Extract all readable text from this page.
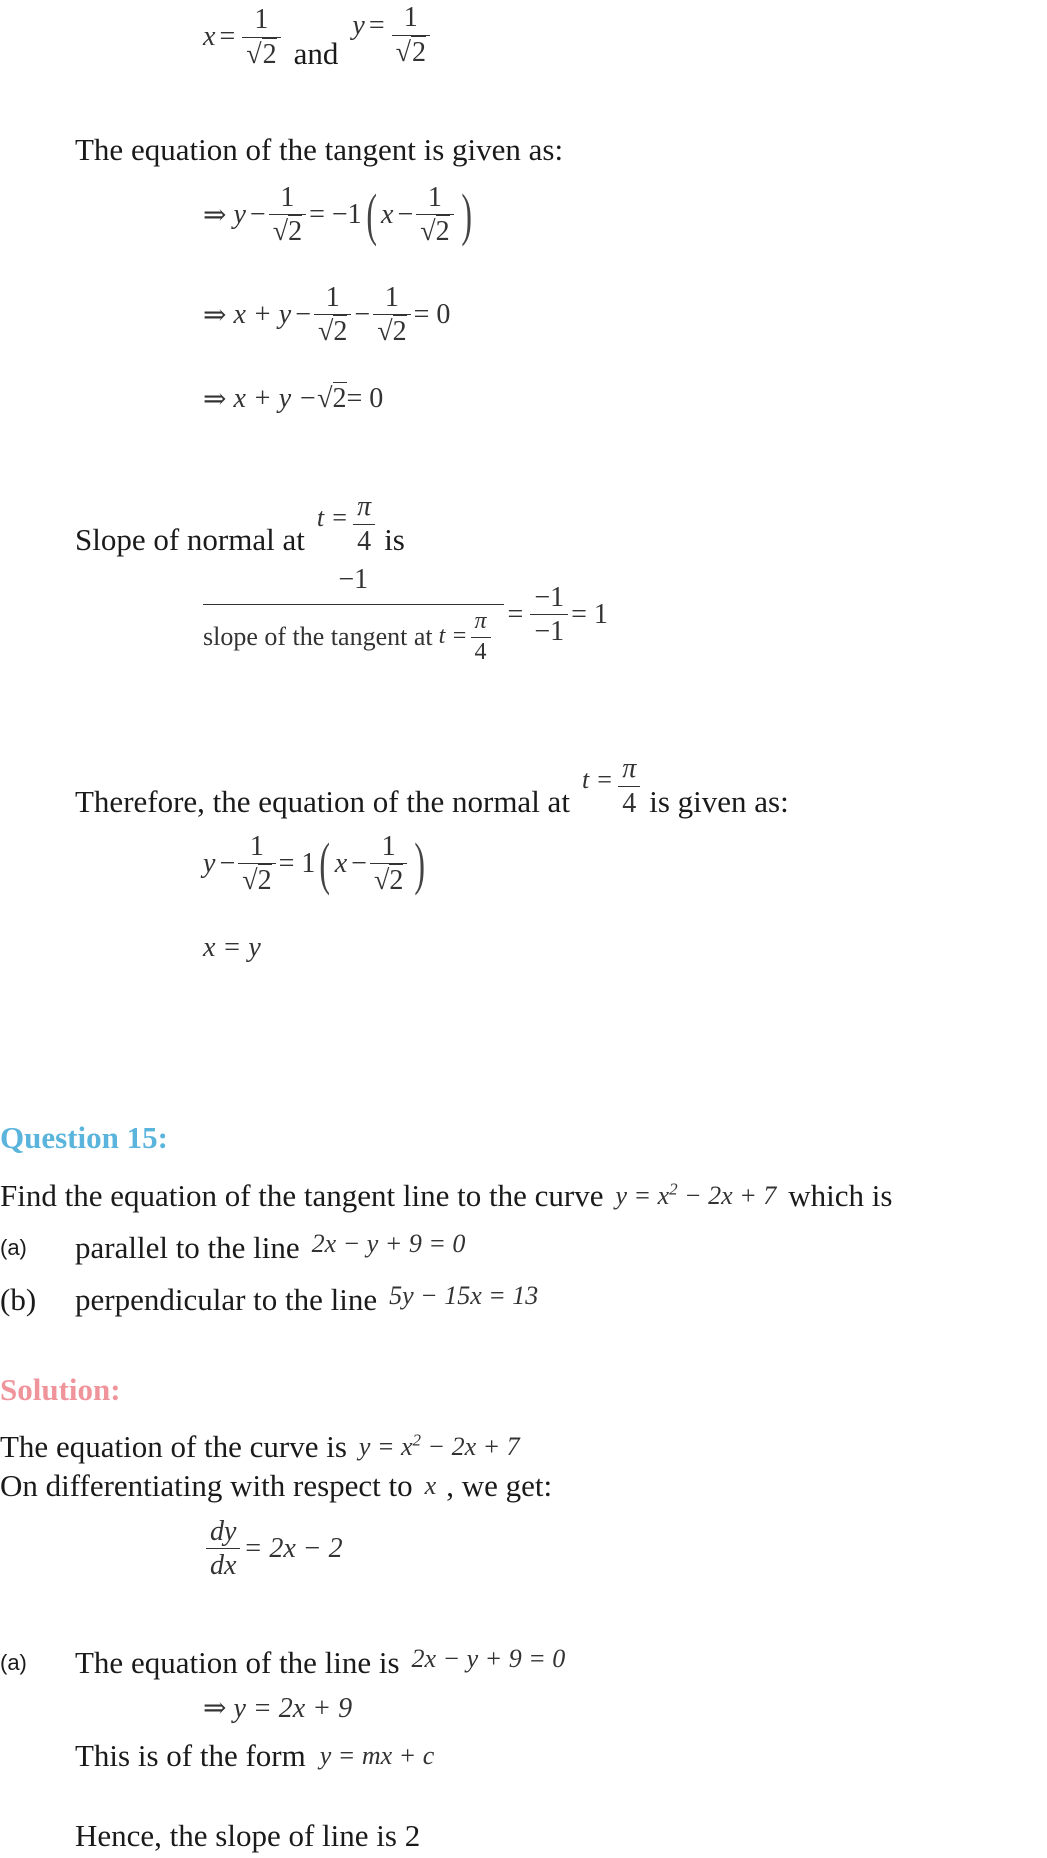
$x = \frac{1}{√2}$ and
$y = \frac{1}{√2}$
The equation of the tangent is given as:
⇒ $y - \frac{1}{√2} = -1$ ( $x - \frac{1}{√2}$ )
⇒ $x + y - \frac{1}{√2} - \frac{1}{√2} = 0$
⇒ x + y − √2 = 0
Slope of normal at
$t = \frac{\pi}{4}$ is
$\frac{-1}{slope of the tangent at t = \frac{\pi}{4}} = \frac{-1}{-1} = 1$
Therefore, the equation of the normal at
$t = \frac{\pi}{4}$ is given as:
$y - \frac{1}{√2} = 1$ ( $x - \frac{1}{√2}$ )
x = y
Question 15:
Find the equation of the tangent line to the curve $y = x^2 - 2x + 7$ which is
(a)	parallel to the line 2x − y + 9 = 0
(b)	perpendicular to the line 5y − 15x = 13
Solution:
The equation of the curve is $y = x^2 - 2x + 7$
On differentiating with respect to x , we get:
$\frac{dy}{dx} = 2x - 2$
(a)	The equation of the line is 2x − y + 9 = 0
⇒ y = 2x + 9
This is of the form y = mx + c
Hence, the slope of line is 2
